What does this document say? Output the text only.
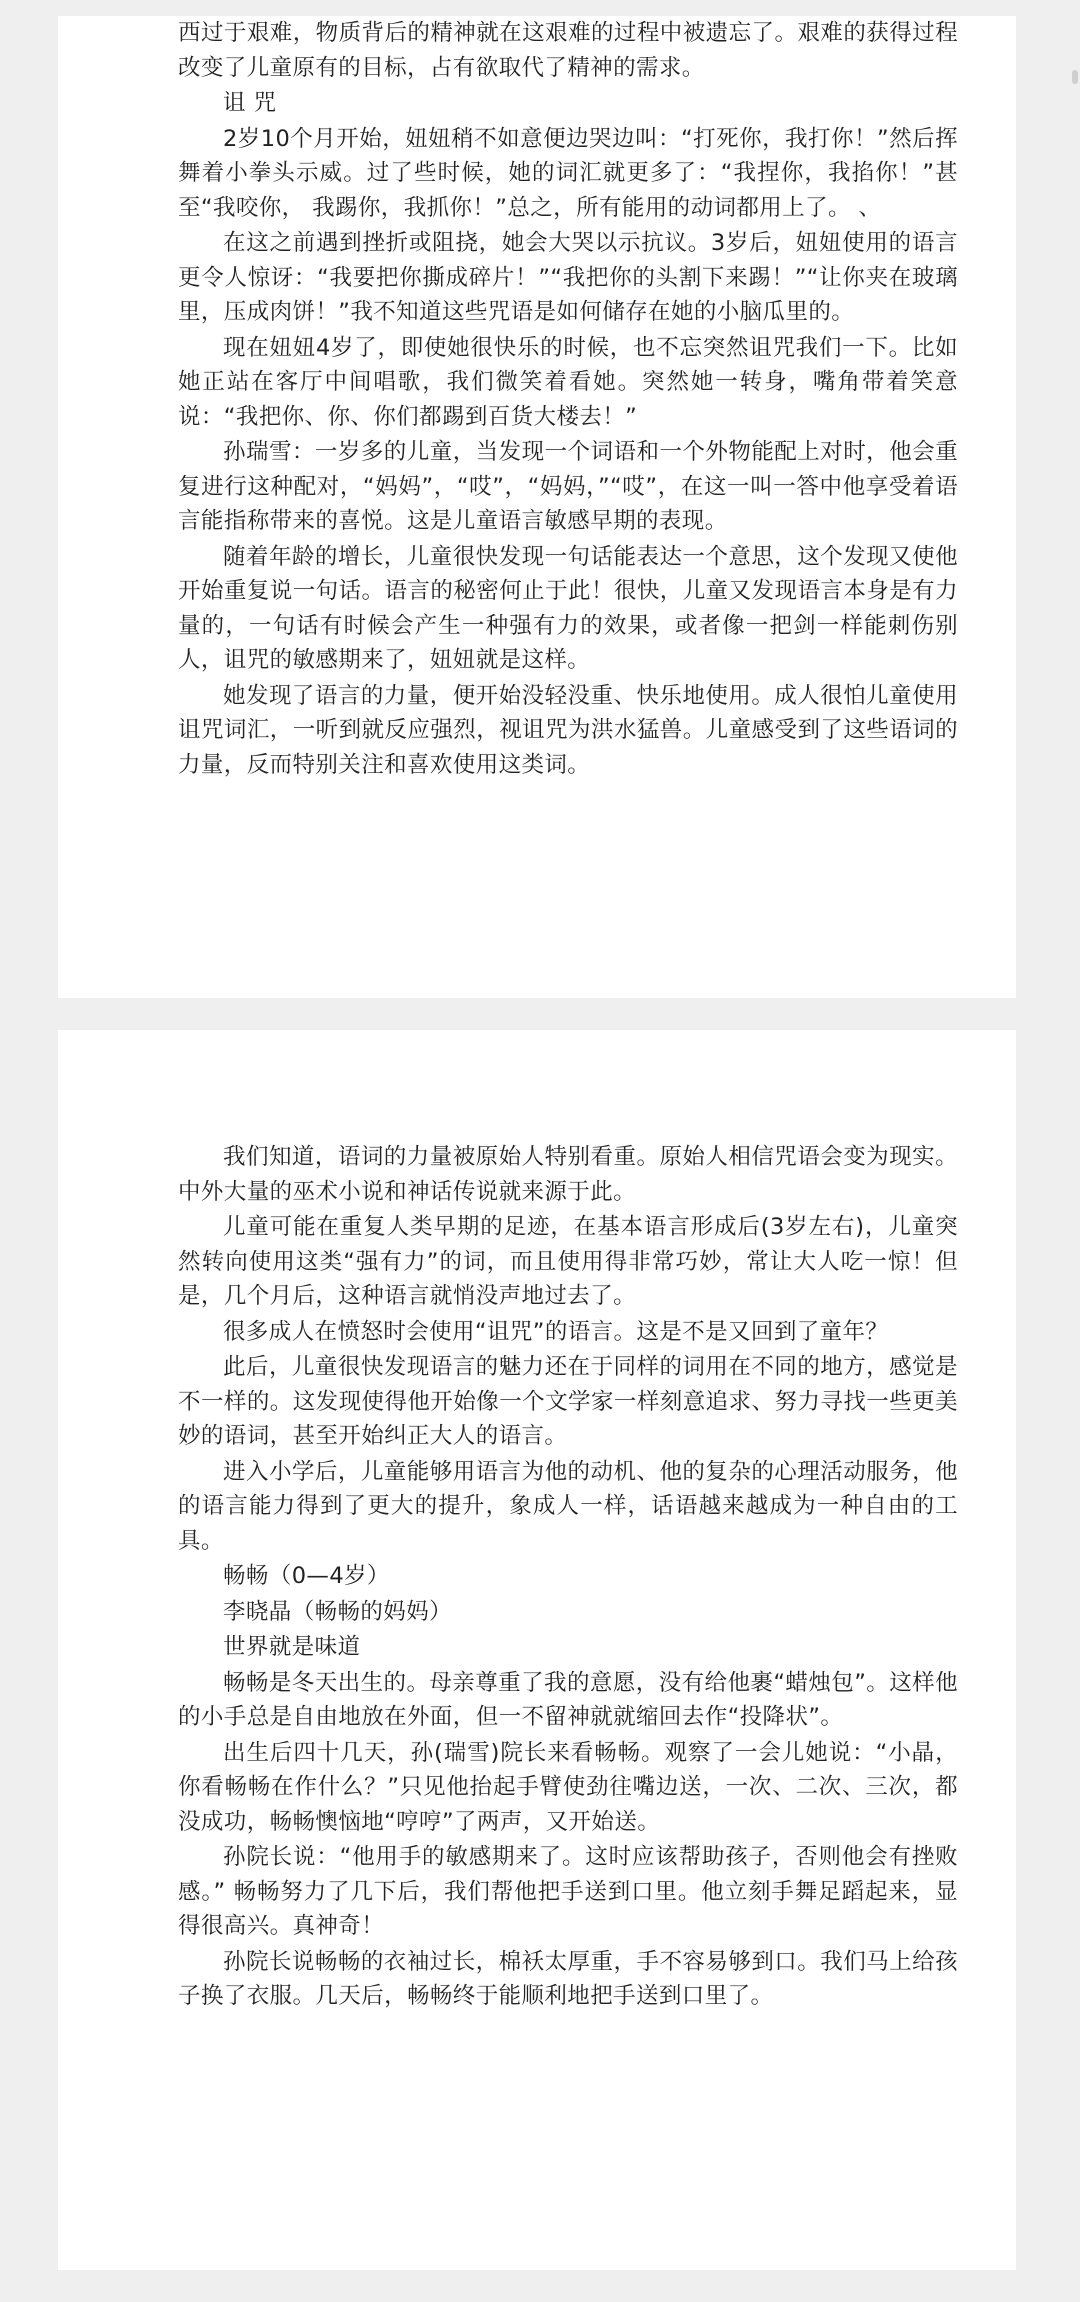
西过于艰难，物质背后的精神就在这艰难的过程中被遗忘了。艰难的获得过程改变了儿童原有的目标，占有欲取代了精神的需求。

诅 咒

2岁10个月开始，妞妞稍不如意便边哭边叫：“打死你，我打你！”然后挥舞着小拳头示威。过了些时候，她的词汇就更多了：“我捏你，我掐你！”甚至“我咬你， 我踢你，我抓你！”总之，所有能用的动词都用上了。 、

在这之前遇到挫折或阻挠，她会大哭以示抗议。3岁后，妞妞使用的语言更令人惊讶：“我要把你撕成碎片！”“我把你的头割下来踢！”“让你夹在玻璃里，压成肉饼！”我不知道这些咒语是如何储存在她的小脑瓜里的。

现在妞妞4岁了，即使她很快乐的时候，也不忘突然诅咒我们一下。比如她正站在客厅中间唱歌，我们微笑着看她。突然她一转身，嘴角带着笑意说：“我把你、你、你们都踢到百货大楼去！”

孙瑞雪：一岁多的儿童，当发现一个词语和一个外物能配上对时，他会重复进行这种配对，“妈妈”，“哎”，“妈妈，”“哎”，在这一叫一答中他享受着语言能指称带来的喜悦。这是儿童语言敏感早期的表现。

随着年龄的增长，儿童很快发现一句话能表达一个意思，这个发现又使他开始重复说一句话。语言的秘密何止于此！很快，儿童又发现语言本身是有力量的，一句话有时候会产生一种强有力的效果，或者像一把剑一样能刺伤别人，诅咒的敏感期来了，妞妞就是这样。

她发现了语言的力量，便开始没轻没重、快乐地使用。成人很怕儿童使用诅咒词汇，一听到就反应强烈，视诅咒为洪水猛兽。儿童感受到了这些语词的力量，反而特别关注和喜欢使用这类词。

我们知道，语词的力量被原始人特别看重。原始人相信咒语会变为现实。中外大量的巫术小说和神话传说就来源于此。

儿童可能在重复人类早期的足迹，在基本语言形成后(3岁左右)，儿童突然转向使用这类“强有力”的词，而且使用得非常巧妙，常让大人吃一惊！但是，几个月后，这种语言就悄没声地过去了。

很多成人在愤怒时会使用“诅咒”的语言。这是不是又回到了童年？

此后，儿童很快发现语言的魅力还在于同样的词用在不同的地方，感觉是不一样的。这发现使得他开始像一个文学家一样刻意追求、努力寻找一些更美妙的语词，甚至开始纠正大人的语言。

进入小学后，儿童能够用语言为他的动机、他的复杂的心理活动服务，他的语言能力得到了更大的提升，象成人一样，话语越来越成为一种自由的工具。

畅畅（0—4岁）

李晓晶（畅畅的妈妈）

世界就是味道

畅畅是冬天出生的。母亲尊重了我的意愿，没有给他裹“蜡烛包”。这样他的小手总是自由地放在外面，但一不留神就就缩回去作“投降状”。

出生后四十几天，孙(瑞雪)院长来看畅畅。观察了一会儿她说：“小晶，你看畅畅在作什么？”只见他抬起手臂使劲往嘴边送，一次、二次、三次，都没成功，畅畅懊恼地“哼哼”了两声，又开始送。

孙院长说：“他用手的敏感期来了。这时应该帮助孩子，否则他会有挫败感。” 畅畅努力了几下后，我们帮他把手送到口里。他立刻手舞足蹈起来，显得很高兴。真神奇！

孙院长说畅畅的衣袖过长，棉袄太厚重，手不容易够到口。我们马上给孩子换了衣服。几天后，畅畅终于能顺利地把手送到口里了。
